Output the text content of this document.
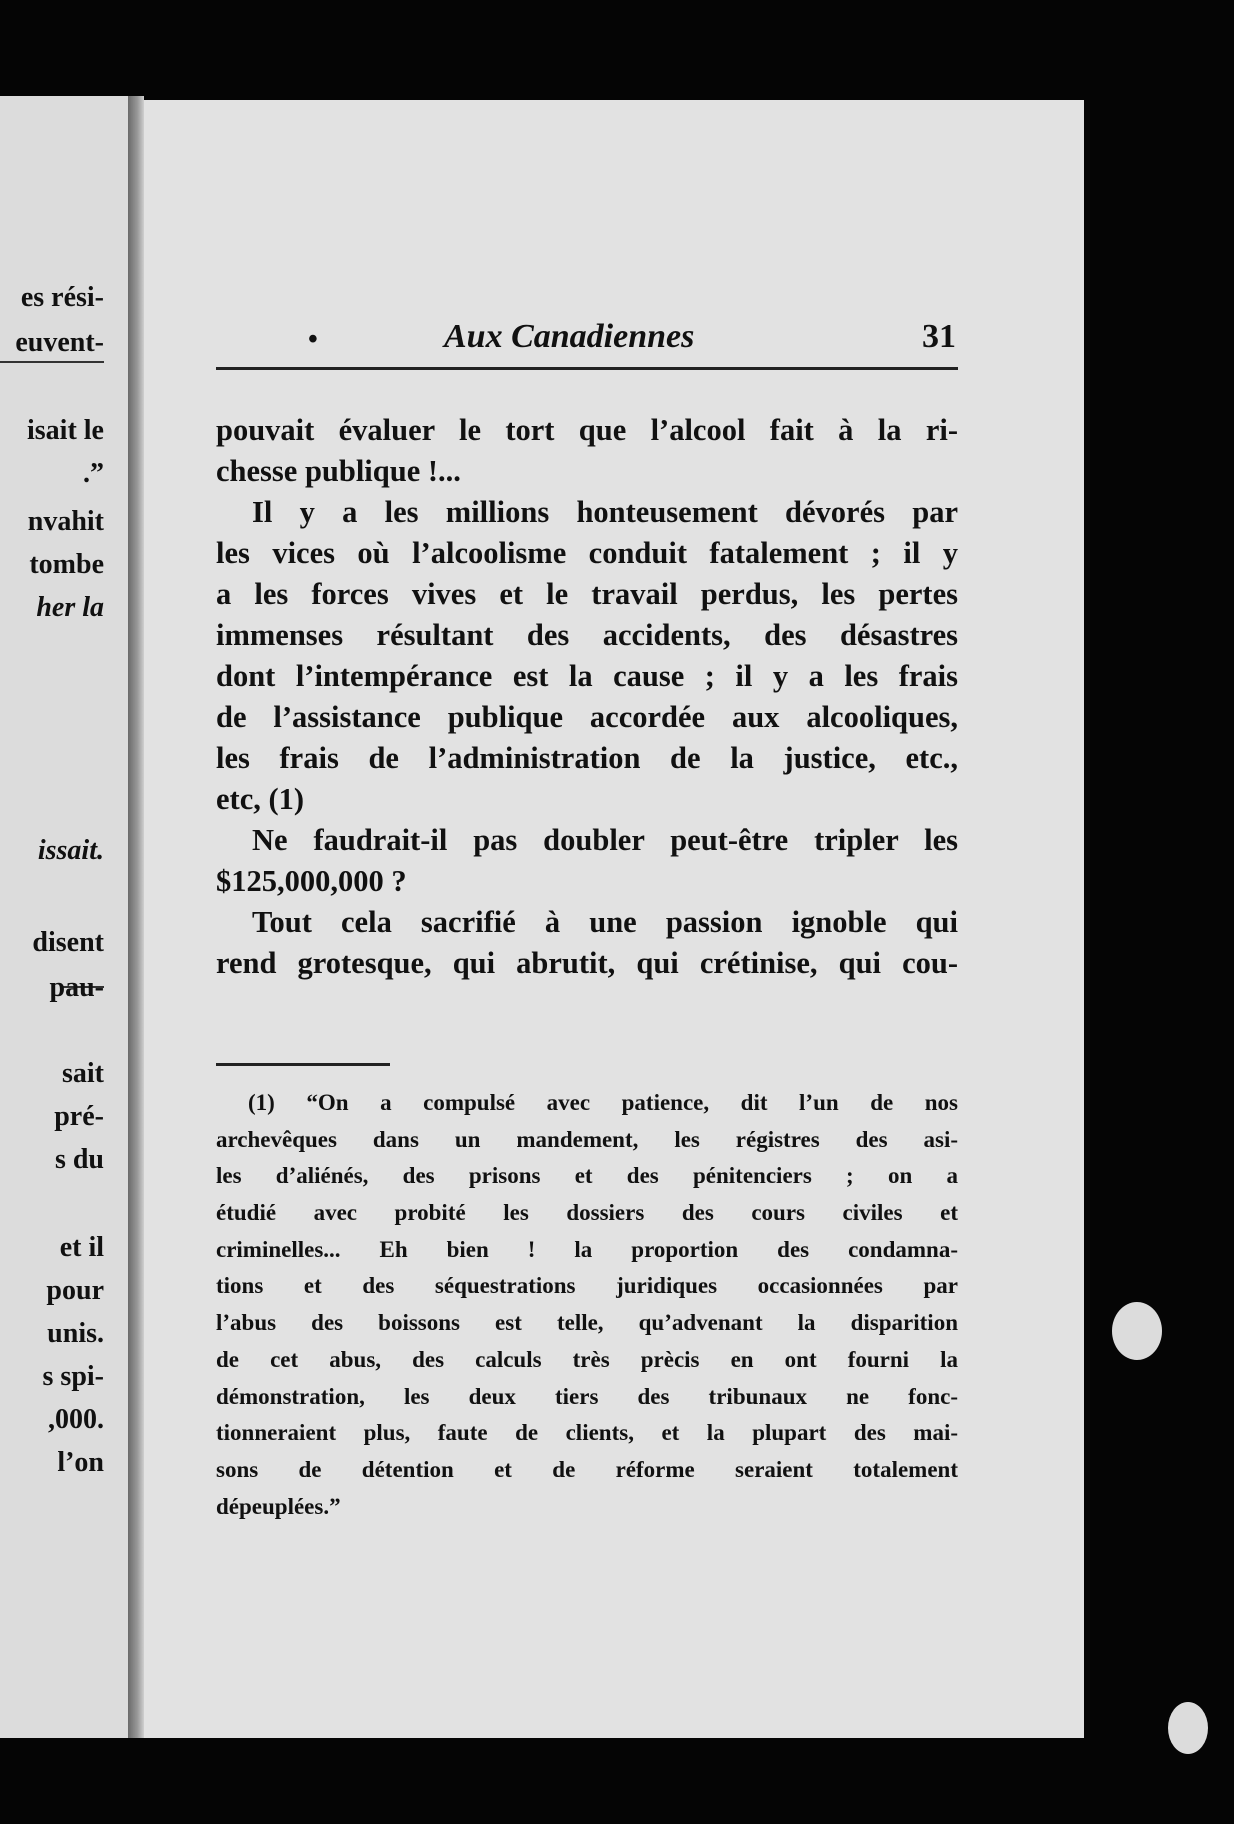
es rési-
euvent-
isait le
.”
nvahit
tombe
her la
issait.
disent
pau-
sait
pré-
s du
et il
pour
unis.
s spi-
,000.
l’on
•	Aux Canadiennes	31
pouvait évaluer le tort que l’alcool fait à la ri-
chesse publique !...
Il y a les millions honteusement dévorés par
les vices où l’alcoolisme conduit fatalement ; il y
a les forces vives et le travail perdus, les pertes
immenses résultant des accidents, des désastres
dont l’intempérance est la cause ; il y a les frais
de l’assistance publique accordée aux alcooliques,
les frais de l’administration de la justice, etc.,
etc, (1)
Ne faudrait-il pas doubler peut-être tripler les
$125,000,000 ?
Tout cela sacrifié à une passion ignoble qui
rend grotesque, qui abrutit, qui crétinise, qui cou-
(1) “On a compulsé avec patience, dit l’un de nos
archevêques dans un mandement, les régistres des asi-
les d’aliénés, des prisons et des pénitenciers ; on a
étudié avec probité les dossiers des cours civiles et
criminelles... Eh bien ! la proportion des condamna-
tions et des séquestrations juridiques occasionnées par
l’abus des boissons est telle, qu’advenant la disparition
de cet abus, des calculs très prècis en ont fourni la
démonstration, les deux tiers des tribunaux ne fonc-
tionneraient plus, faute de clients, et la plupart des mai-
sons de détention et de réforme seraient totalement
dépeuplées.”
